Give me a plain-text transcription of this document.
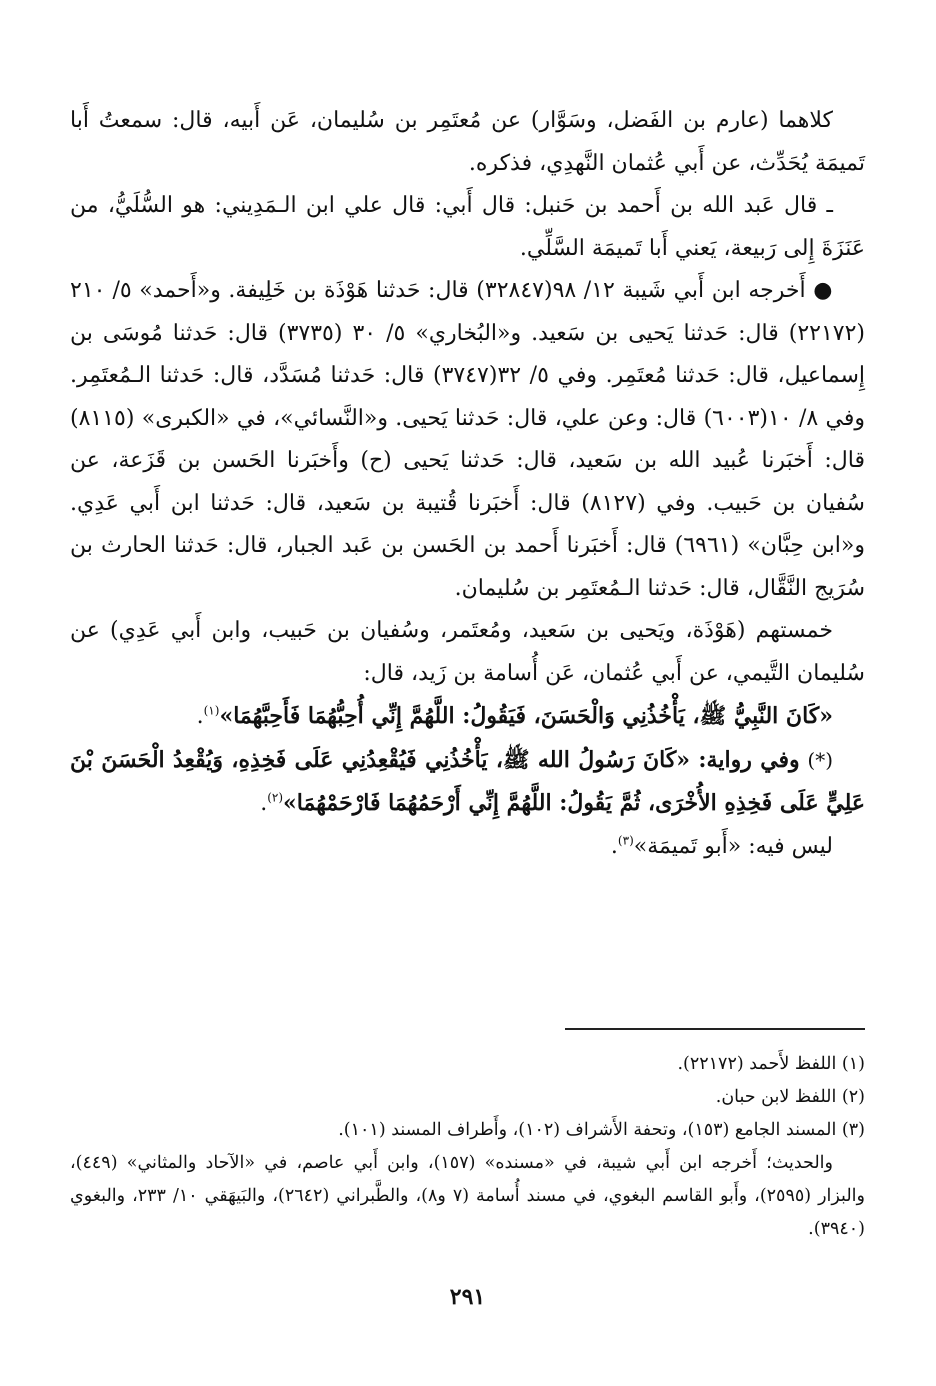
كلاهما (عارم بن الفَضل، وسَوَّار) عن مُعتَمِر بن سُليمان، عَن أَبيه، قال: سمعتُ أَبا تَميمَة يُحَدِّث، عن أَبي عُثمان النَّهدِي، فذكره.

ـ قال عَبد الله بن أَحمد بن حَنبل: قال أَبي: قال علي ابن الـمَدِيني: هو السُّلَيُّ، من عَنَزَةَ إِلى رَبيعة، يَعني أَبا تَميمَة السَّلِّي.

● أَخرجه ابن أَبي شَيبة ١٢/ ٩٨(٣٢٨٤٧) قال: حَدثنا هَوْذَة بن خَلِيفة. و«أَحمد» ٥/ ٢١٠ (٢٢١٧٢) قال: حَدثنا يَحيى بن سَعيد. و«البُخاري» ٥/ ٣٠ (٣٧٣٥) قال: حَدثنا مُوسَى بن إِسماعيل، قال: حَدثنا مُعتَمِر. وفي ٥/ ٣٢(٣٧٤٧) قال: حَدثنا مُسَدَّد، قال: حَدثنا الـمُعتَمِر. وفي ٨/ ١٠(٦٠٠٣) قال: وعن علي، قال: حَدثنا يَحيى. و«النَّسائي»، في «الكبرى» (٨١١٥) قال: أَخبَرنا عُبيد الله بن سَعيد، قال: حَدثنا يَحيى (ح) وأَخبَرنا الحَسن بن قَزَعة، عن سُفيان بن حَبيب. وفي (٨١٢٧) قال: أَخبَرنا قُتيبة بن سَعيد، قال: حَدثنا ابن أَبي عَدِي. و«ابن حِبَّان» (٦٩٦١) قال: أَخبَرنا أَحمد بن الحَسن بن عَبد الجبار، قال: حَدثنا الحارث بن سُرَيج النَّقَّال، قال: حَدثنا الـمُعتَمِر بن سُليمان.

خمستهم (هَوْذَة، ويَحيى بن سَعيد، ومُعتَمر، وسُفيان بن حَبيب، وابن أَبي عَدِي) عن سُليمان التَّيمي، عن أَبي عُثمان، عَن أُسامة بن زَيد، قال:

«كَانَ النَّبِيُّ ﷺ، يَأْخُذُنِي وَالْحَسَنَ، فَيَقُولُ: اللَّهُمَّ إِنِّي أُحِبُّهُمَا فَأَحِبَّهُمَا»$^{(١)}$.

(*) وفي رواية: «كَانَ رَسُولُ الله ﷺ، يَأْخُذُنِي فَيُقْعِدُنِي عَلَى فَخِذِهِ، وَيُقْعِدُ الْحَسَنَ بْنَ عَلِيٍّ عَلَى فَخِذِهِ الأُخْرَى، ثُمَّ يَقُولُ: اللَّهُمَّ إِنِّي أَرْحَمُهُمَا فَارْحَمْهُمَا»$^{(٢)}$.

ليس فيه: «أَبو تَميمَة»$^{(٣)}$.

(١) اللفظ لأَحمد (٢٢١٧٢).

(٢) اللفظ لابن حبان.

(٣) المسند الجامع (١٥٣)، وتحفة الأَشراف (١٠٢)، وأَطراف المسند (١٠١).

والحديث؛ أَخرجه ابن أَبي شيبة، في «مسنده» (١٥٧)، وابن أَبي عاصم، في «الآحاد والمثاني» (٤٤٩)، والبزار (٢٥٩٥)، وأَبو القاسم البغوي، في مسند أُسامة (٧ و٨)، والطَّبراني (٢٦٤٢)، والبَيهَقي ١٠/ ٢٣٣، والبغوي (٣٩٤٠).

٢٩١
